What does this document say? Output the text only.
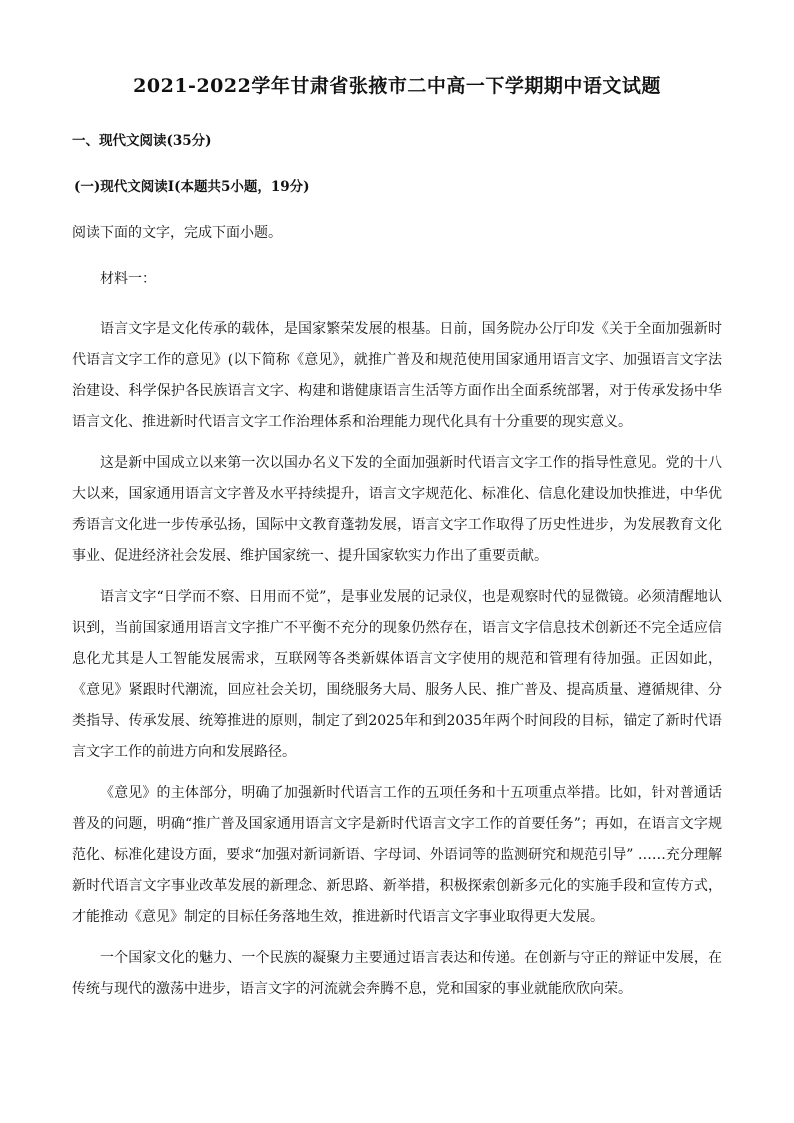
2021-2022学年甘肃省张掖市二中高一下学期期中语文试题
一、现代文阅读(35分)
(一)现代文阅读Ⅰ(本题共5小题，19分)
阅读下面的文字，完成下面小题。
材料一：

语言文字是文化传承的载体，是国家繁荣发展的根基。日前，国务院办公厅印发《关于全面加强新时代语言文字工作的意见》(以下简称《意见》，就推广普及和规范使用国家通用语言文字、加强语言文字法治建设、科学保护各民族语言文字、构建和谐健康语言生活等方面作出全面系统部署，对于传承发扬中华语言文化、推进新时代语言文字工作治理体系和治理能力现代化具有十分重要的现实意义。

这是新中国成立以来第一次以国办名义下发的全面加强新时代语言文字工作的指导性意见。党的十八大以来，国家通用语言文字普及水平持续提升，语言文字规范化、标准化、信息化建设加快推进，中华优秀语言文化进一步传承弘扬，国际中文教育蓬勃发展，语言文字工作取得了历史性进步，为发展教育文化事业、促进经济社会发展、维护国家统一、提升国家软实力作出了重要贡献。

语言文字“日学而不察、日用而不觉”，是事业发展的记录仪，也是观察时代的显微镜。必须清醒地认识到，当前国家通用语言文字推广不平衡不充分的现象仍然存在，语言文字信息技术创新还不完全适应信息化尤其是人工智能发展需求，互联网等各类新媒体语言文字使用的规范和管理有待加强。正因如此，《意见》紧跟时代潮流，回应社会关切，围绕服务大局、服务人民、推广普及、提高质量、遵循规律、分类指导、传承发展、统筹推进的原则，制定了到2025年和到2035年两个时间段的目标，锚定了新时代语言文字工作的前进方向和发展路径。

《意见》的主体部分，明确了加强新时代语言工作的五项任务和十五项重点举措。比如，针对普通话普及的问题，明确“推广普及国家通用语言文字是新时代语言文字工作的首要任务”；再如，在语言文字规范化、标准化建设方面，要求“加强对新词新语、字母词、外语词等的监测研究和规范引导” ……充分理解新时代语言文字事业改革发展的新理念、新思路、新举措，积极探索创新多元化的实施手段和宣传方式，才能推动《意见》制定的目标任务落地生效，推进新时代语言文字事业取得更大发展。

一个国家文化的魅力、一个民族的凝聚力主要通过语言表达和传递。在创新与守正的辩证中发展，在传统与现代的激荡中进步，语言文字的河流就会奔腾不息，党和国家的事业就能欣欣向荣。
